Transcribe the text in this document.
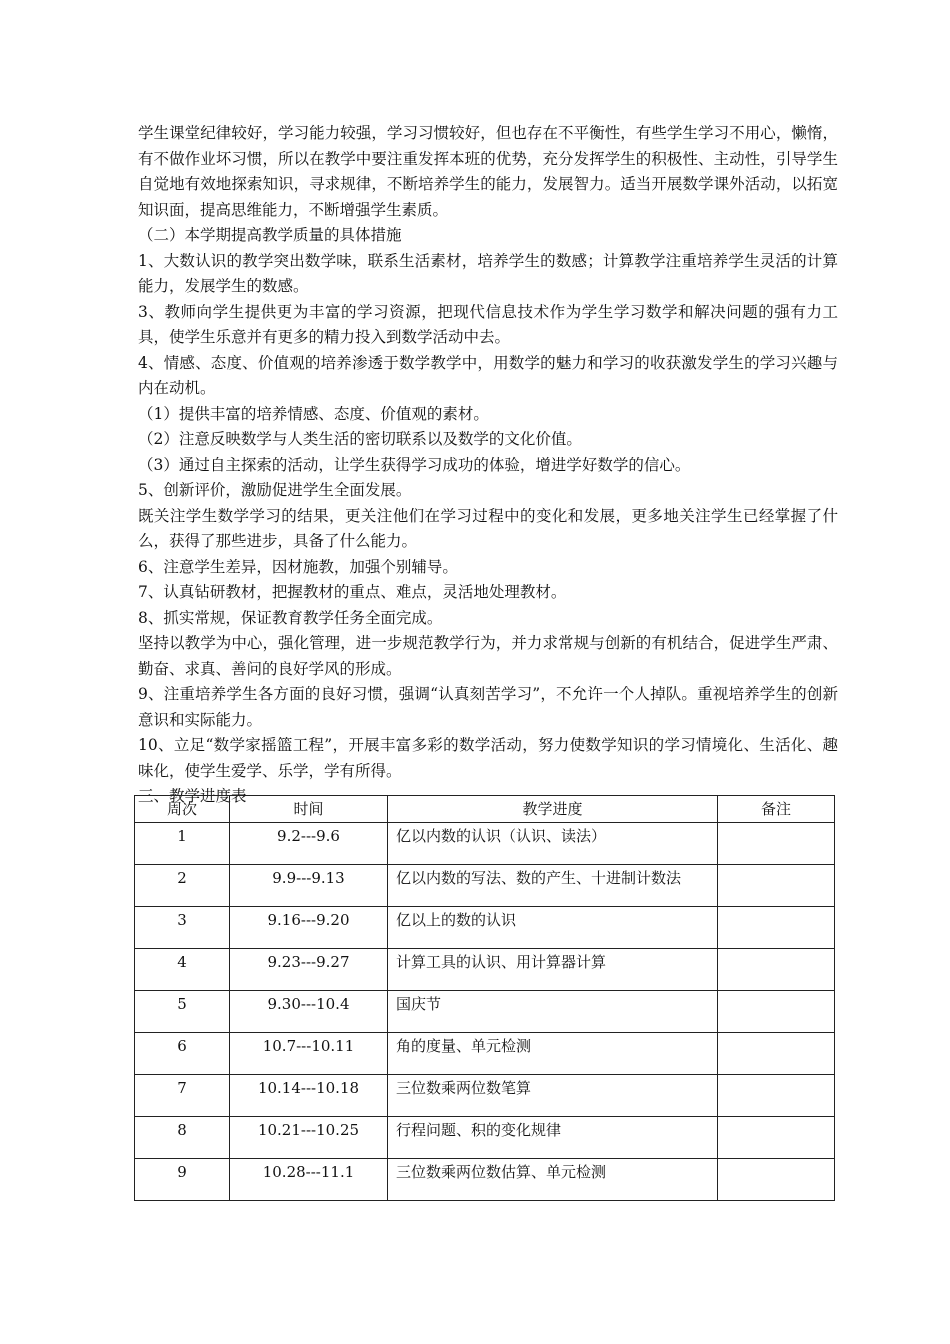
学生课堂纪律较好，学习能力较强，学习习惯较好，但也存在不平衡性，有些学生学习不用心，懒惰，有不做作业坏习惯，所以在教学中要注重发挥本班的优势，充分发挥学生的积极性、主动性，引导学生自觉地有效地探索知识，寻求规律，不断培养学生的能力，发展智力。适当开展数学课外活动，以拓宽知识面，提高思维能力，不断增强学生素质。

（二）本学期提高教学质量的具体措施

1、大数认识的教学突出数学味，联系生活素材，培养学生的数感；计算教学注重培养学生灵活的计算能力，发展学生的数感。

3、教师向学生提供更为丰富的学习资源，把现代信息技术作为学生学习数学和解决问题的强有力工具，使学生乐意并有更多的精力投入到数学活动中去。

4、情感、态度、价值观的培养渗透于数学教学中，用数学的魅力和学习的收获激发学生的学习兴趣与内在动机。

（1）提供丰富的培养情感、态度、价值观的素材。

（2）注意反映数学与人类生活的密切联系以及数学的文化价值。

（3）通过自主探索的活动，让学生获得学习成功的体验，增进学好数学的信心。

5、创新评价，激励促进学生全面发展。

既关注学生数学学习的结果，更关注他们在学习过程中的变化和发展，更多地关注学生已经掌握了什么，获得了那些进步，具备了什么能力。

6、注意学生差异，因材施教，加强个别辅导。

7、认真钻研教材，把握教材的重点、难点，灵活地处理教材。

8、抓实常规，保证教育教学任务全面完成。

坚持以教学为中心，强化管理，进一步规范教学行为，并力求常规与创新的有机结合，促进学生严肃、勤奋、求真、善问的良好学风的形成。

9、注重培养学生各方面的良好习惯，强调“认真刻苦学习”，不允许一个人掉队。重视培养学生的创新意识和实际能力。

10、立足“数学家摇篮工程”，开展丰富多彩的数学活动，努力使数学知识的学习情境化、生活化、趣味化，使学生爱学、乐学，学有所得。

三、教学进度表

周次	时间	教学进度	备注
1	9.2---9.6	亿以内数的认识（认识、读法）	
2	9.9---9.13	亿以内数的写法、数的产生、十进制计数法	
3	9.16---9.20	亿以上的数的认识	
4	9.23---9.27	计算工具的认识、用计算器计算	
5	9.30---10.4	国庆节	
6	10.7---10.11	角的度量、单元检测	
7	10.14---10.18	三位数乘两位数笔算	
8	10.21---10.25	行程问题、积的变化规律	
9	10.28---11.1	三位数乘两位数估算、单元检测	
